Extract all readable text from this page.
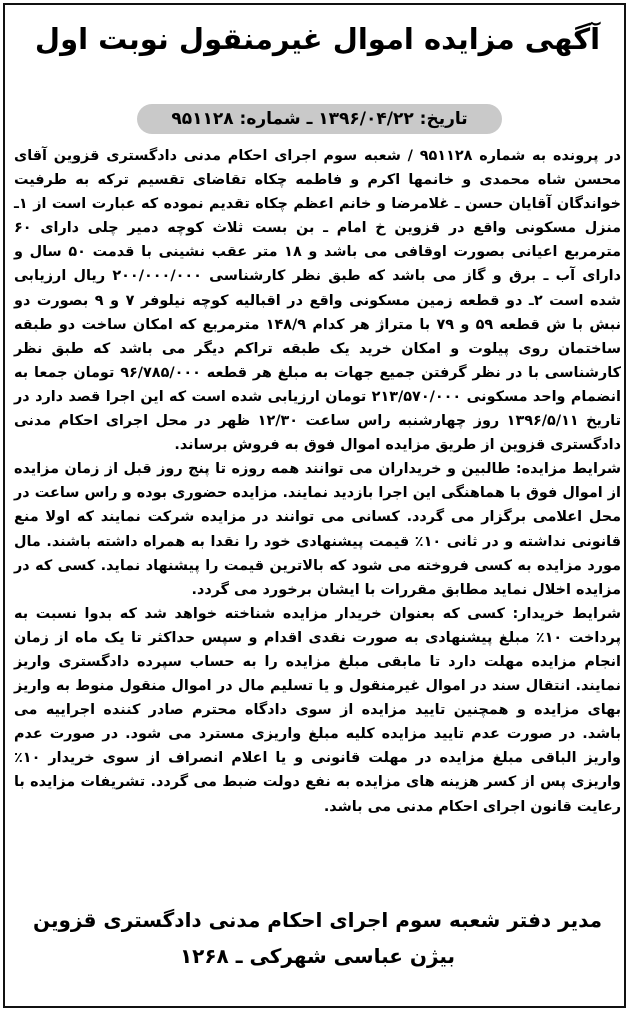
آگهی مزایده اموال غیرمنقول نوبت اول
تاریخ: ۱۳۹۶/۰۴/۲۲ ـ شماره: ۹۵۱۱۲۸

در پرونده به شماره ۹۵۱۱۲۸ / شعبه سوم اجرای احکام مدنی دادگستری قزوین آقای محسن شاه محمدی و خانمها اکرم و فاطمه چکاه تقاضای تقسیم ترکه به طرفیت خواندگان آقایان حسن ـ غلامرضا و خانم اعظم چکاه تقدیم نموده که عبارت است از ۱ـ منزل مسکونی واقع در قزوین خ امام ـ بن بست ثلاث کوچه دمیر چلی دارای ۶۰ مترمربع اعیانی بصورت اوقافی می باشد و ۱۸ متر عقب نشینی با قدمت ۵۰ سال و دارای آب ـ برق و گاز می باشد که طبق نظر کارشناسی ۲۰۰/۰۰۰/۰۰۰ ریال ارزیابی شده است ۲ـ دو قطعه زمین مسکونی واقع در اقبالیه کوچه نیلوفر ۷ و ۹ بصورت دو نبش با ش قطعه ۵۹ و ۷۹ با متراژ هر کدام ۱۴۸/۹ مترمربع که امکان ساخت دو طبقه ساختمان روی پیلوت و امکان خرید یک طبقه تراکم دیگر می باشد که طبق نظر کارشناسی با در نظر گرفتن جمیع جهات به مبلغ هر قطعه ۹۶/۷۸۵/۰۰۰ تومان جمعا به انضمام واحد مسکونی ۲۱۳/۵۷۰/۰۰۰ تومان ارزیابی شده است که این اجرا قصد دارد در تاریخ ۱۳۹۶/۵/۱۱ روز چهارشنبه راس ساعت ۱۲/۳۰ ظهر در محل اجرای احکام مدنی دادگستری قزوین از طریق مزایده اموال فوق به فروش برساند.

شرایط مزایده: طالبین و خریداران می توانند همه روزه تا پنج روز قبل از زمان مزایده از اموال فوق با هماهنگی این اجرا بازدید نمایند. مزایده حضوری بوده و راس ساعت در محل اعلامی برگزار می گردد. کسانی می توانند در مزایده شرکت نمایند که اولا منع قانونی نداشته و در ثانی ۱۰٪ قیمت پیشنهادی خود را نقدا به همراه داشته باشند. مال مورد مزایده به کسی فروخته می شود که بالاترین قیمت را پیشنهاد نماید. کسی که در مزایده اخلال نماید مطابق مقررات با ایشان برخورد می گردد.

شرایط خریدار: کسی که بعنوان خریدار مزایده شناخته خواهد شد که بدوا نسبت به پرداخت ۱۰٪ مبلغ پیشنهادی به صورت نقدی اقدام و سپس حداکثر تا یک ماه از زمان انجام مزایده مهلت دارد تا مابقی مبلغ مزایده را به حساب سپرده دادگستری واریز نمایند. انتقال سند در اموال غیرمنقول و یا تسلیم مال در اموال منقول منوط به واریز بهای مزایده و همچنین تایید مزایده از سوی دادگاه محترم صادر کننده اجراییه می باشد. در صورت عدم تایید مزایده کلیه مبلغ واریزی مسترد می شود. در صورت عدم واریز الباقی مبلغ مزایده در مهلت قانونی و یا اعلام انصراف از سوی خریدار ۱۰٪ واریزی پس از کسر هزینه های مزایده به نفع دولت ضبط می گردد. تشریفات مزایده با رعایت قانون اجرای احکام مدنی می باشد.

مدیر دفتر شعبه سوم اجرای احکام مدنی دادگستری قزوین
بیژن عباسی شهرکی ـ ۱۲۶۸
